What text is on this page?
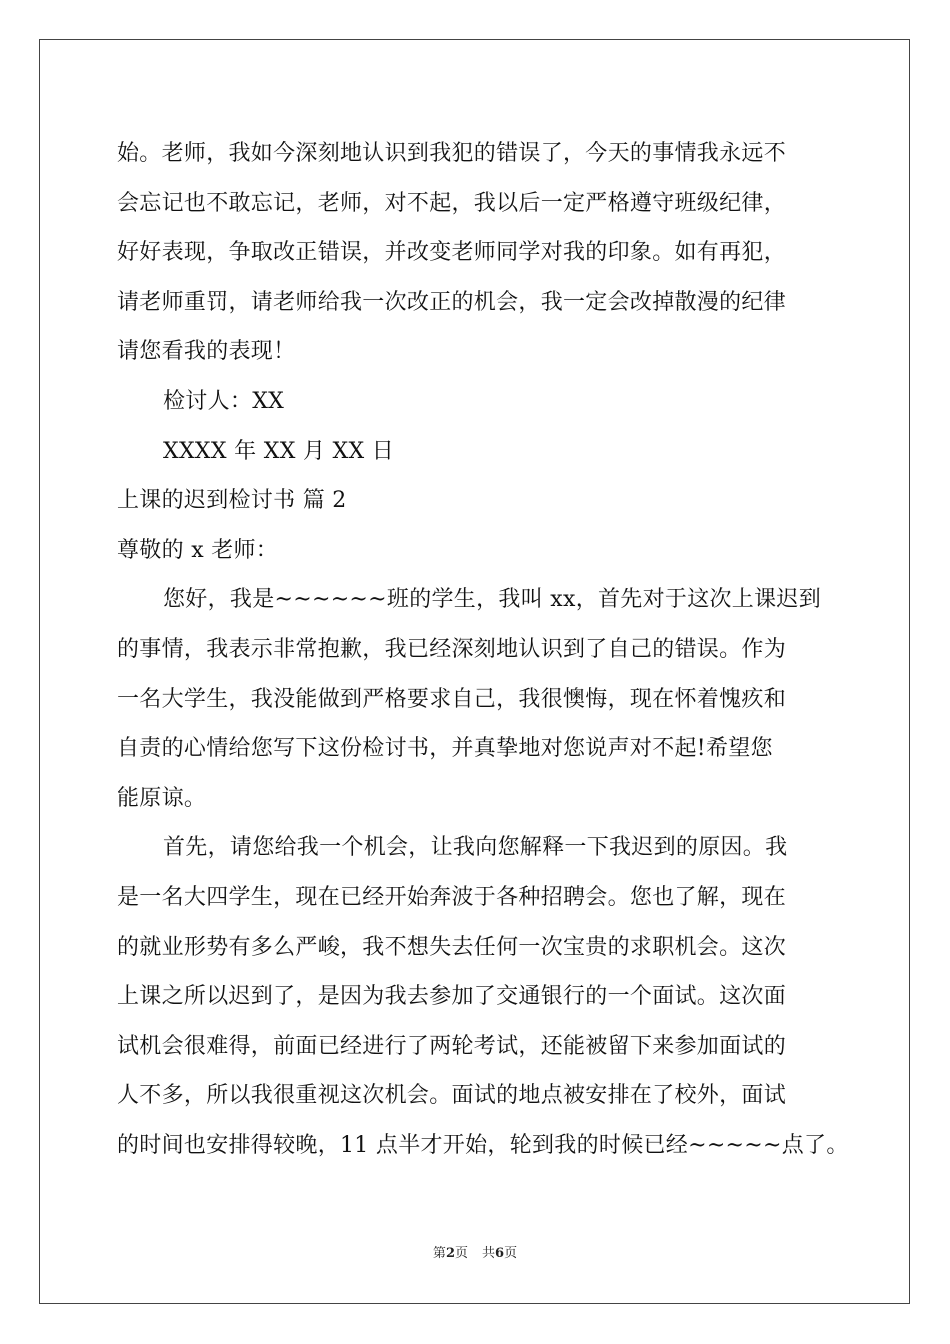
始。老师，我如今深刻地认识到我犯的错误了，今天的事情我永远不
会忘记也不敢忘记，老师，对不起，我以后一定严格遵守班级纪律，
好好表现，争取改正错误，并改变老师同学对我的印象。如有再犯，
请老师重罚，请老师给我一次改正的机会，我一定会改掉散漫的纪律
请您看我的表现！
检讨人：XX
XXXX 年 XX 月 XX 日
上课的迟到检讨书 篇 2
尊敬的 x 老师：
您好，我是~~~~~~班的学生，我叫 xx，首先对于这次上课迟到
的事情，我表示非常抱歉，我已经深刻地认识到了自己的错误。作为
一名大学生，我没能做到严格要求自己，我很懊悔，现在怀着愧疚和
自责的心情给您写下这份检讨书，并真挚地对您说声对不起!希望您
能原谅。
首先，请您给我一个机会，让我向您解释一下我迟到的原因。我
是一名大四学生，现在已经开始奔波于各种招聘会。您也了解，现在
的就业形势有多么严峻，我不想失去任何一次宝贵的求职机会。这次
上课之所以迟到了，是因为我去参加了交通银行的一个面试。这次面
试机会很难得，前面已经进行了两轮考试，还能被留下来参加面试的
人不多，所以我很重视这次机会。面试的地点被安排在了校外，面试
的时间也安排得较晚，11 点半才开始，轮到我的时候已经~~~~~点了。
第2页 共6页
